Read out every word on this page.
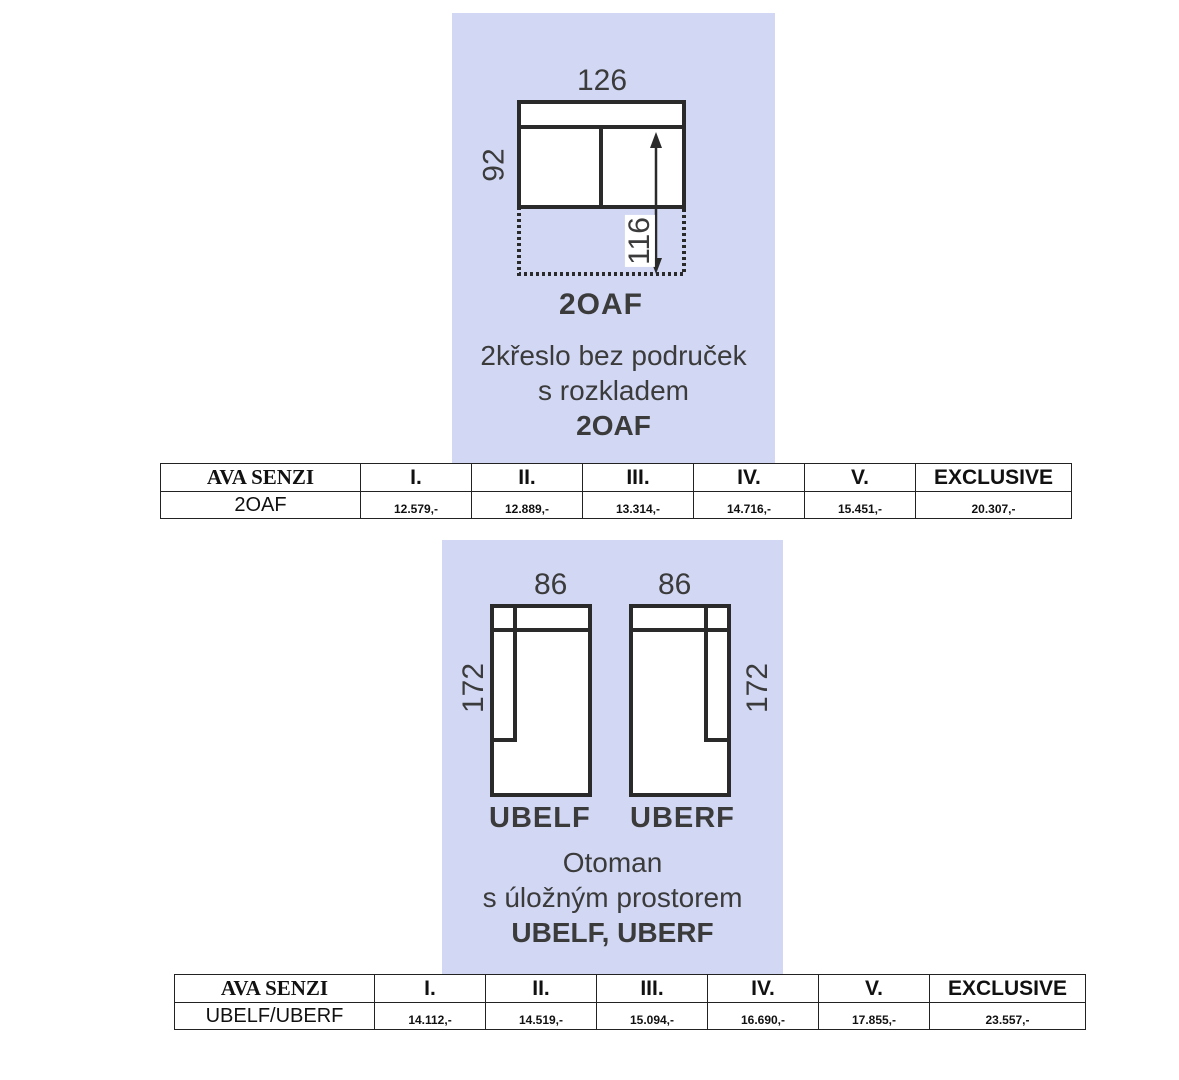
126
92
116
2OAF
2křeslo bez područek
s rozkladem
2OAF
AVA SENZI	I.	II.	III.	IV.	V.	EXCLUSIVE
2OAF	12.579,-	12.889,-	13.314,-	14.716,-	15.451,-	20.307,-
86	86
172	172
UBELF UBERF
Otoman
s úložným prostorem
UBELF, UBERF
AVA SENZI	I.	II.	III.	IV.	V.	EXCLUSIVE
UBELF/UBERF	14.112,-	14.519,-	15.094,-	16.690,-	17.855,-	23.557,-
